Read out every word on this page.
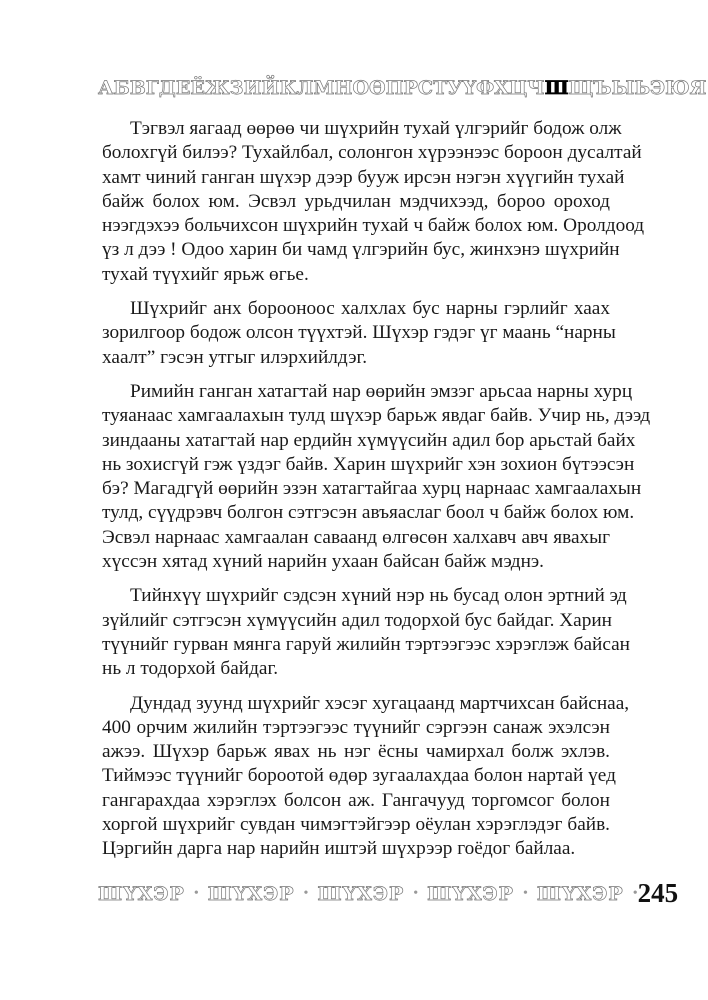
А Б В Г Д Е Ё Ж З И Й К Л М Н О Ө П Р С Т У Ү Ф Х Ц Ч Ш Щ Ъ Ы Ь Э Ю Я
Тэгвэл яагаад өөрөө чи шүхрийн тухай үлгэрийг бодож олж
болохгүй билээ? Тухайлбал, солонгон хүрээнээс бороон дусалтай
хамт чиний ганган шүхэр дээр бууж ирсэн нэгэн хүүгийн тухай
байж болох юм. Эсвэл урьдчилан мэдчихээд, бороо ороход
нээгдэхээ больчихсон шүхрийн тухай ч байж болох юм. Оролдоод
үз л дээ ! Одоо харин би чамд үлгэрийн бус, жинхэнэ шүхрийн
тухай түүхийг ярьж өгье.
Шүхрийг анх бороонoос халхлах бус нарны гэрлийг хаах
зорилгоор бодож олсон түүхтэй. Шүхэр гэдэг үг маань “нарны
хаалт” гэсэн утгыг илэрхийлдэг.
Римийн ганган хатагтай нар өөрийн эмзэг арьсаа нарны хурц
туяанаас хамгаалахын тулд шүхэр барьж явдаг байв. Учир нь, дээд
зиндааны хатагтай нар ердийн хүмүүсийн адил бор арьстай байх
нь зохисгүй гэж үздэг байв. Харин шүхрийг хэн зохион бүтээсэн
бэ? Магадгүй өөрийн эзэн хатагтайгаа хурц нарнаас хамгаалахын
тулд, сүүдрэвч болгон сэтгэсэн авъяаслаг боол ч байж болох юм.
Эсвэл нарнаас хамгаалан саваанд өлгөсөн халхавч авч явахыг
хүссэн хятад хүний нарийн ухаан байсан байж мэднэ.
Тийнхүү шүхрийг сэдсэн хүний нэр нь бусад олон эртний эд
зүйлийг сэтгэсэн хүмүүсийн адил тодорхой бус байдаг. Харин
түүнийг гурван мянга гаруй жилийн тэртээгээс хэрэглэж байсан
нь л тодорхой байдаг.
Дундад зуунд шүхрийг хэсэг хугацаанд мартчихсан байснаа,
400 орчим жилийн тэртээгээс түүнийг сэргээн санаж эхэлсэн
ажээ. Шүхэр барьж явах нь нэг ёсны чамирхал болж эхлэв.
Тиймээс түүнийг бороотой өдөр зугаалахдаа болон нартай үед
гангарахдаа хэрэглэх болсон аж. Гангачууд торгомсог болон
хоргой шүхрийг сувдан чимэгтэйгээр оёулан хэрэглэдэг байв.
Цэргийн дарга нар нарийн иштэй шүхрээр гоёдог байлаа.
ШҮХЭР • ШҮХЭР • ШҮХЭР • ШҮХЭР • ШҮХЭР • 245
